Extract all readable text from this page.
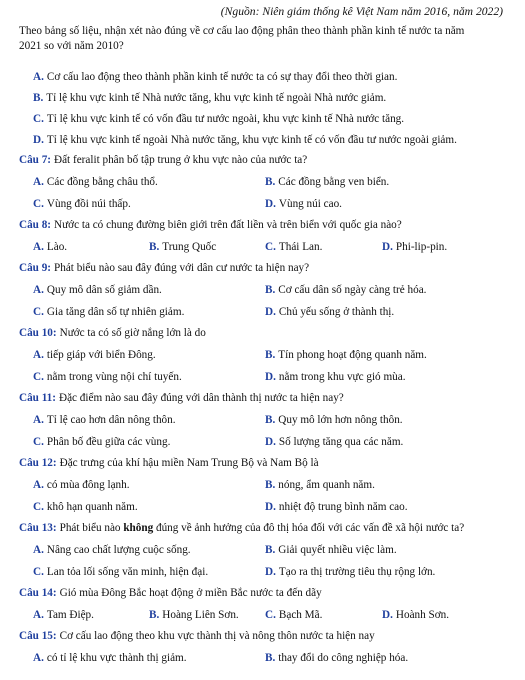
(Nguồn: Niên giám thống kê Việt Nam năm 2016, năm 2022)

Theo bảng số liệu, nhận xét nào đúng về cơ cấu lao động phân theo thành phần kinh tế nước ta năm

2021 so với năm 2010?

A. Cơ cấu lao động theo thành phần kinh tế nước ta có sự thay đổi theo thời gian.
B. Tỉ lệ khu vực kinh tế Nhà nước tăng, khu vực kinh tế ngoài Nhà nước giảm.
C. Tỉ lệ khu vực kinh tế có vốn đầu tư nước ngoài, khu vực kinh tế Nhà nước tăng.
D. Tỉ lệ khu vực kinh tế ngoài Nhà nước tăng, khu vực kinh tế có vốn đầu tư nước ngoài giảm.
Câu 7: Đất feralit phân bố tập trung ở khu vực nào của nước ta?
A. Các đồng bằng châu thổ.	B. Các đồng bằng ven biển.
C. Vùng đồi núi thấp.	D. Vùng núi cao.
Câu 8: Nước ta có chung đường biên giới trên đất liền và trên biển với quốc gia nào?
A. Lào.	B. Trung Quốc	C. Thái Lan.	D. Phi-lip-pin.
Câu 9: Phát biểu nào sau đây đúng với dân cư nước ta hiện nay?
A. Quy mô dân số giảm dần.	B. Cơ cấu dân số ngày càng trẻ hóa.
C. Gia tăng dân số tự nhiên giảm.	D. Chủ yếu sống ở thành thị.
Câu 10: Nước ta có số giờ nắng lớn là do
A. tiếp giáp với biển Đông.	B. Tín phong hoạt động quanh năm.
C. nằm trong vùng nội chí tuyến.	D. nằm trong khu vực gió mùa.
Câu 11: Đặc điểm nào sau đây đúng với dân thành thị nước ta hiện nay?
A. Tỉ lệ cao hơn dân nông thôn.	B. Quy mô lớn hơn nông thôn.
C. Phân bố đều giữa các vùng.	D. Số lượng tăng qua các năm.
Câu 12: Đặc trưng của khí hậu miền Nam Trung Bộ và Nam Bộ là
A. có mùa đông lạnh.	B. nóng, ẩm quanh năm.
C. khô hạn quanh năm.	D. nhiệt độ trung bình năm cao.
Câu 13: Phát biểu nào không đúng về ảnh hưởng của đô thị hóa đối với các vấn đề xã hội nước ta?
A. Nâng cao chất lượng cuộc sống.	B. Giải quyết nhiều việc làm.
C. Lan tỏa lối sống văn minh, hiện đại.	D. Tạo ra thị trường tiêu thụ rộng lớn.
Câu 14: Gió mùa Đông Bắc hoạt động ở miền Bắc nước ta đến dãy
A. Tam Điệp.	B. Hoàng Liên Sơn. C. Bạch Mã.	D. Hoành Sơn.
Câu 15: Cơ cấu lao động theo khu vực thành thị và nông thôn nước ta hiện nay
A. có tỉ lệ khu vực thành thị giảm.	B. thay đổi do công nghiệp hóa.
